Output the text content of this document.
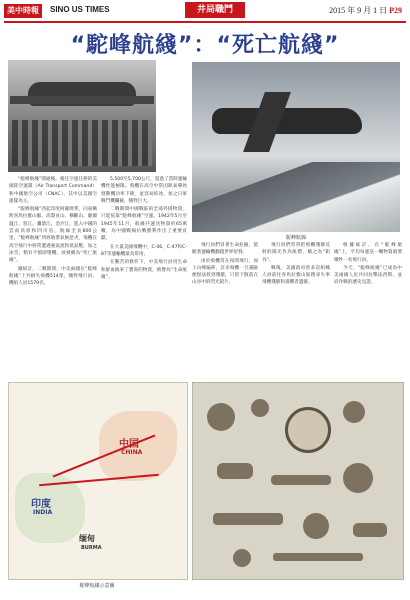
美中時報	SINO US TIMES	井局職鬥	2015 年 9 月 1 日 P29
“駝峰航綫”：“死亡航綫”
駝峰航線

“駝峰航綫”開通後，擔任空運任務的美國陸空運隊（Air Transport Command）和中國航空公司（CNAC），其中以美國空運隊為主。

“駝峰航綫”西起印度阿薩姆邦，向東橫跨喜馬拉雅山脈、高黎貢山、橫斷山、薩爾溫江、怒江、瀾滄江、金沙江，進入中國的雲南高原和四川省，航線全長800公里。“駝峰航綫”所經地帶氣候惡劣，飛機在高空飛行中經常遭遇強氣流和低氣壓，加之冰雪，稍有不慎即墜機，故被稱為“死亡航綫”。

據統計，二戰期間，中美兩國在“駝峰航綫”上共損失飛機514架，犧牲飛行員、機組人員1579名。

5,500至5,700公尺，超過了當時運輸機性能極限。飛機在高空中常因缺氧導致發動機功率下降，並容易結冰，加之日軍戰鬥機攔截，犧牲巨大。

二戰期間中國戰區的全部外援物資，只能依靠“駝峰航綫”空運。1942年5月至1945年11月，航綫共運送物資約65萬噸，為中國戰場抗戰勝利作出了重要貢獻。

在大量美國飛機中，C-46、C-47和C-87等運輸機最為常用。

在艱苦的條件下，中美飛行員用生命和鮮血換來了寶貴的物資，被譽為“生命航綫”。

飛行員們冒著生命危險，駕駛著運輸機翻越世界屋脊。

由於飛機常在夜間飛行，加上山峰遍佈，許多飛機一旦遇險便無法找到殘骸，只留下散落在山谷中的閃光鋁片。

飛行員們常常把飛機殘骸反射的陽光作為航標，稱之為“鋁谷”。

戰後，美國政府曾多次組織人員前往喜馬拉雅山區搜尋失事飛機殘骸和遇難者遺骸。

根據統計，在“駝峰航綫”上，平均每運送一噸物資就要犧牲一名飛行員。

今天，“駝峰航綫”已成為中美兩國人民共同抗擊法西斯、並肩作戰的歷史見證。

中国
CHINA
印度
INDIA
缅甸
BURMA
駝峰航綫示意圖
